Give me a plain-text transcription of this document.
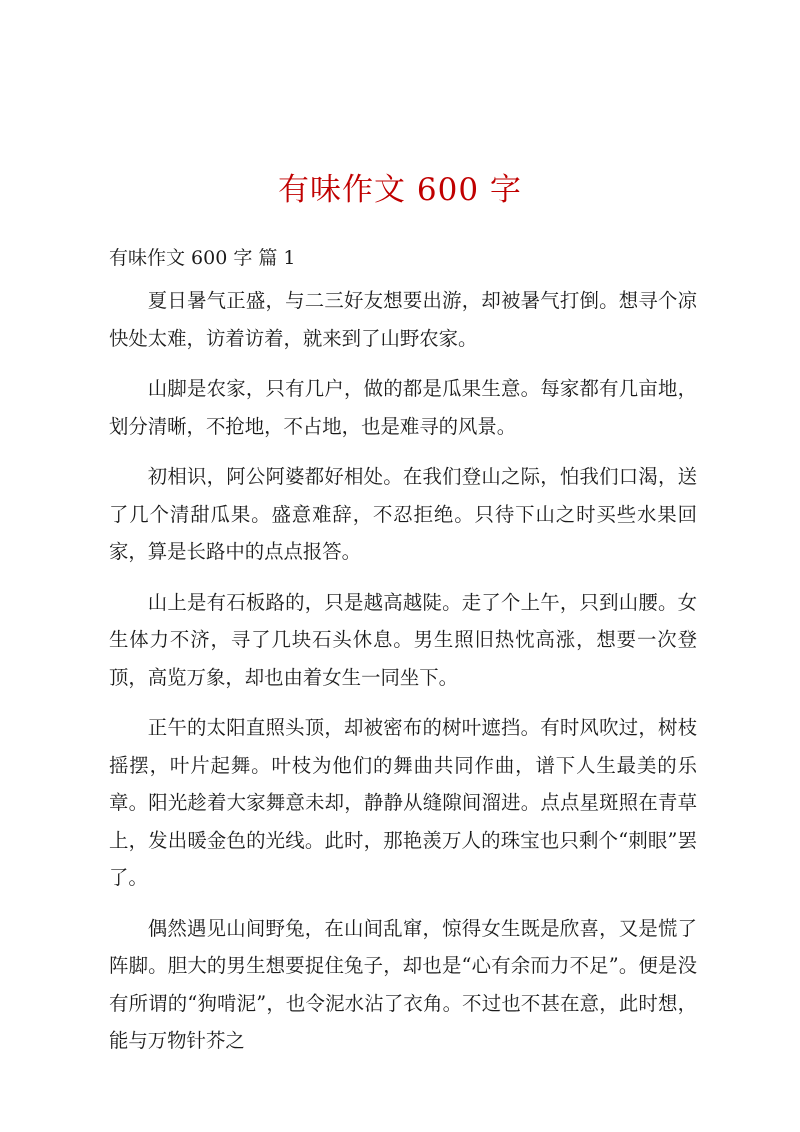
有味作文 600 字
有味作文 600 字 篇 1

夏日暑气正盛，与二三好友想要出游，却被暑气打倒。想寻个凉快处太难，访着访着，就来到了山野农家。

山脚是农家，只有几户，做的都是瓜果生意。每家都有几亩地，划分清晰，不抢地，不占地，也是难寻的风景。

初相识，阿公阿婆都好相处。在我们登山之际，怕我们口渴，送了几个清甜瓜果。盛意难辞，不忍拒绝。只待下山之时买些水果回家，算是长路中的点点报答。

山上是有石板路的，只是越高越陡。走了个上午，只到山腰。女生体力不济，寻了几块石头休息。男生照旧热忱高涨，想要一次登顶，高览万象，却也由着女生一同坐下。

正午的太阳直照头顶，却被密布的树叶遮挡。有时风吹过，树枝摇摆，叶片起舞。叶枝为他们的舞曲共同作曲，谱下人生最美的乐章。阳光趁着大家舞意未却，静静从缝隙间溜进。点点星斑照在青草上，发出暖金色的光线。此时，那艳羡万人的珠宝也只剩个“刺眼”罢了。

偶然遇见山间野兔，在山间乱窜，惊得女生既是欣喜，又是慌了阵脚。胆大的男生想要捉住兔子，却也是“心有余而力不足”。便是没有所谓的“狗啃泥”，也令泥水沾了衣角。不过也不甚在意，此时想，能与万物针芥之
